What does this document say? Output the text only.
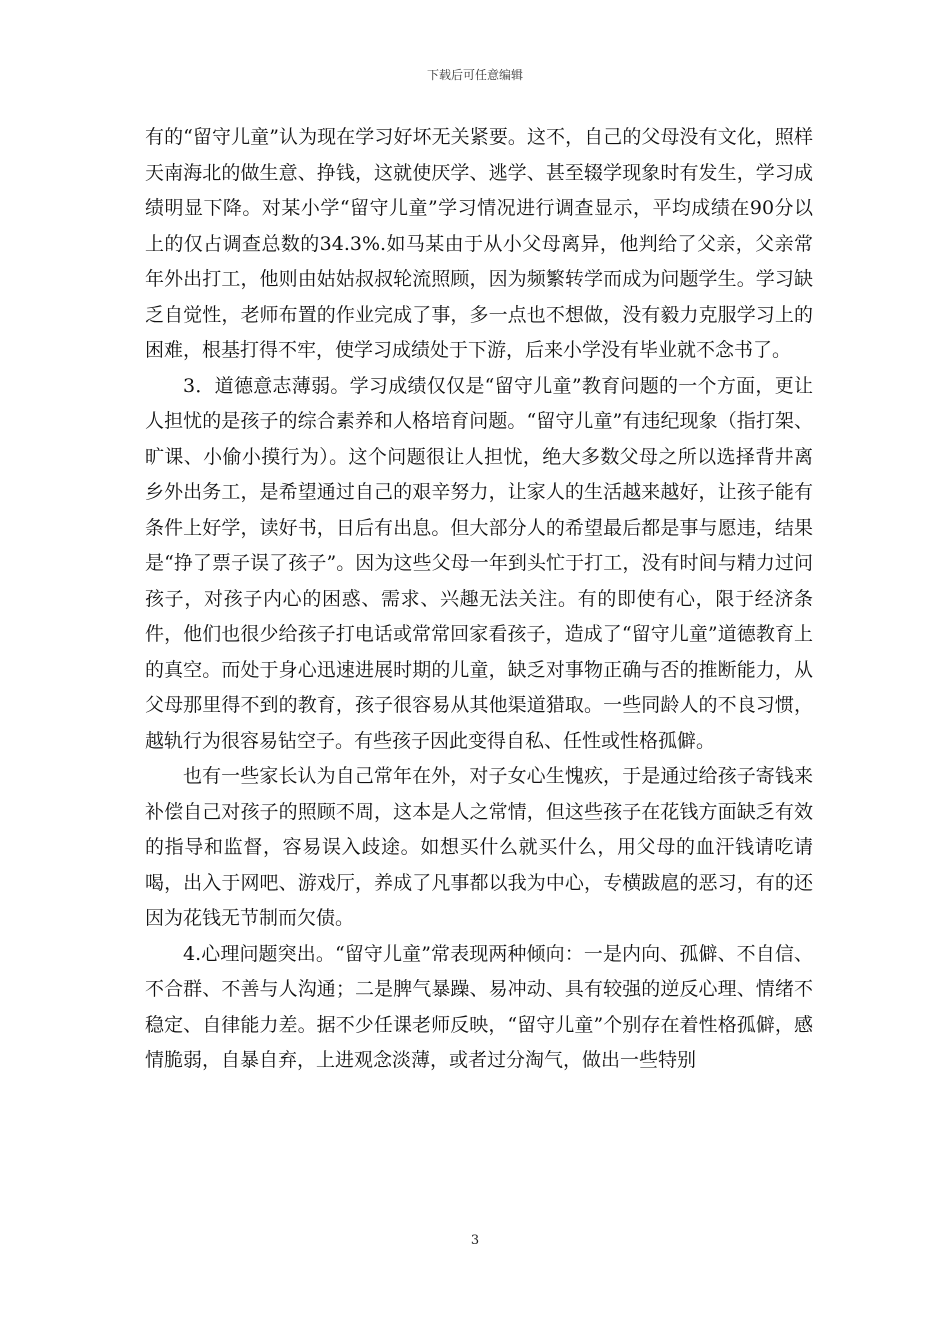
下载后可任意编辑

有的“留守儿童”认为现在学习好坏无关紧要。这不，自己的父母没有文化，照样天南海北的做生意、挣钱，这就使厌学、逃学、甚至辍学现象时有发生，学习成绩明显下降。对某小学“留守儿童”学习情况进行调查显示，平均成绩在90分以上的仅占调查总数的34.3%.如马某由于从小父母离异，他判给了父亲，父亲常年外出打工，他则由姑姑叔叔轮流照顾，因为频繁转学而成为问题学生。学习缺乏自觉性，老师布置的作业完成了事，多一点也不想做，没有毅力克服学习上的困难，根基打得不牢，使学习成绩处于下游，后来小学没有毕业就不念书了。

3．道德意志薄弱。学习成绩仅仅是“留守儿童”教育问题的一个方面，更让人担忧的是孩子的综合素养和人格培育问题。“留守儿童”有违纪现象（指打架、旷课、小偷小摸行为）。这个问题很让人担忧，绝大多数父母之所以选择背井离乡外出务工，是希望通过自己的艰辛努力，让家人的生活越来越好，让孩子能有条件上好学，读好书，日后有出息。但大部分人的希望最后都是事与愿违，结果是“挣了票子误了孩子”。因为这些父母一年到头忙于打工，没有时间与精力过问孩子，对孩子内心的困惑、需求、兴趣无法关注。有的即使有心，限于经济条件，他们也很少给孩子打电话或常常回家看孩子，造成了“留守儿童”道德教育上的真空。而处于身心迅速进展时期的儿童，缺乏对事物正确与否的推断能力，从父母那里得不到的教育，孩子很容易从其他渠道猎取。一些同龄人的不良习惯，越轨行为很容易钻空子。有些孩子因此变得自私、任性或性格孤僻。

也有一些家长认为自己常年在外，对子女心生愧疚，于是通过给孩子寄钱来补偿自己对孩子的照顾不周，这本是人之常情，但这些孩子在花钱方面缺乏有效的指导和监督，容易误入歧途。如想买什么就买什么，用父母的血汗钱请吃请喝，出入于网吧、游戏厅，养成了凡事都以我为中心，专横跋扈的恶习，有的还因为花钱无节制而欠债。

4.心理问题突出。“留守儿童”常表现两种倾向：一是内向、孤僻、不自信、不合群、不善与人沟通；二是脾气暴躁、易冲动、具有较强的逆反心理、情绪不稳定、自律能力差。据不少任课老师反映，“留守儿童”个别存在着性格孤僻，感情脆弱，自暴自弃，上进观念淡薄，或者过分淘气，做出一些特别

3
